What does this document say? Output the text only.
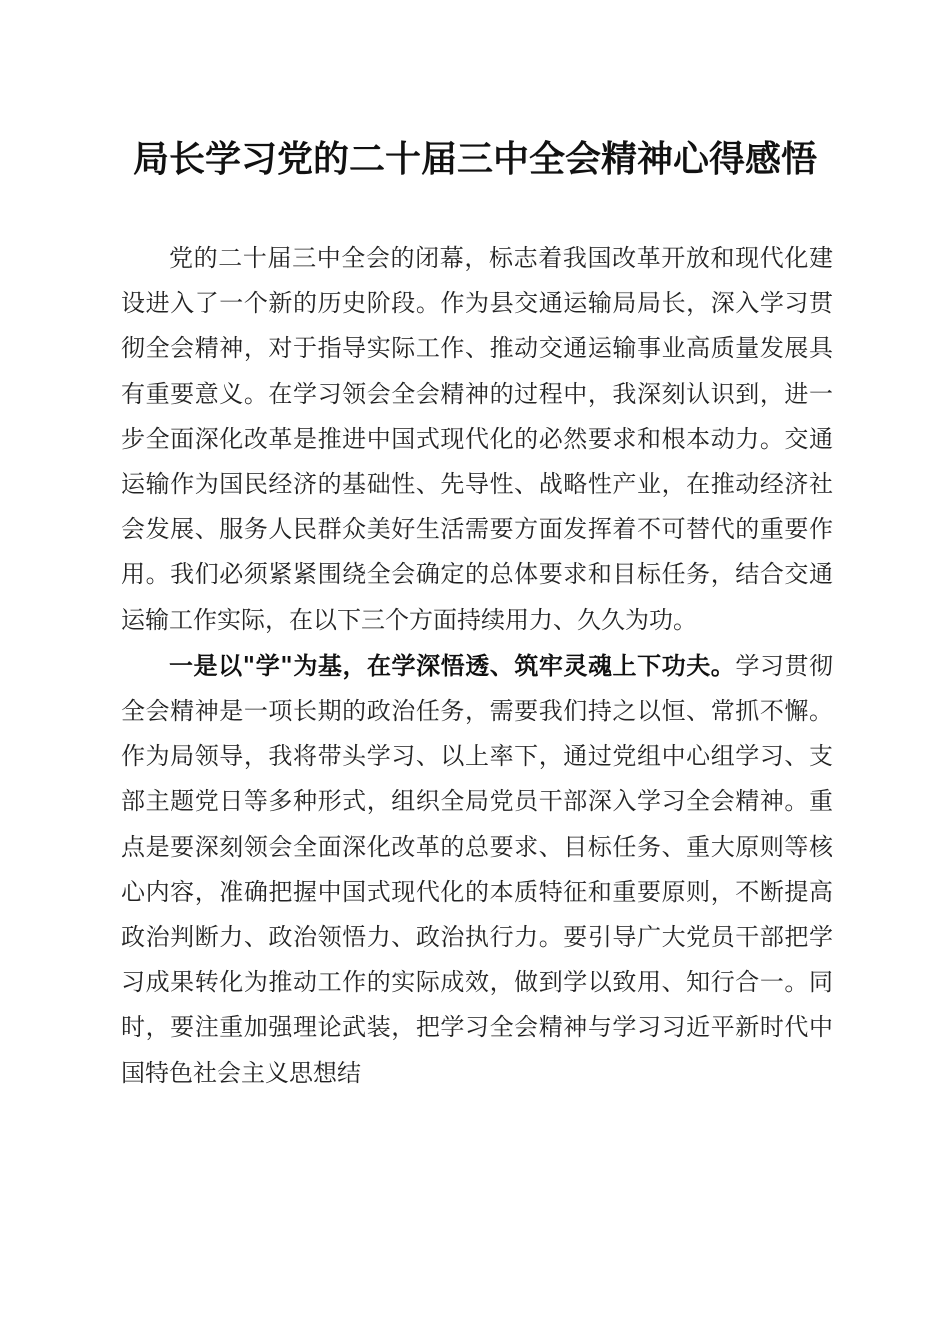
局长学习党的二十届三中全会精神心得感悟

党的二十届三中全会的闭幕，标志着我国改革开放和现代化建设进入了一个新的历史阶段。作为县交通运输局局长，深入学习贯彻全会精神，对于指导实际工作、推动交通运输事业高质量发展具有重要意义。在学习领会全会精神的过程中，我深刻认识到，进一步全面深化改革是推进中国式现代化的必然要求和根本动力。交通运输作为国民经济的基础性、先导性、战略性产业，在推动经济社会发展、服务人民群众美好生活需要方面发挥着不可替代的重要作用。我们必须紧紧围绕全会确定的总体要求和目标任务，结合交通运输工作实际，在以下三个方面持续用力、久久为功。

一是以"学"为基，在学深悟透、筑牢灵魂上下功夫。学习贯彻全会精神是一项长期的政治任务，需要我们持之以恒、常抓不懈。作为局领导，我将带头学习、以上率下，通过党组中心组学习、支部主题党日等多种形式，组织全局党员干部深入学习全会精神。重点是要深刻领会全面深化改革的总要求、目标任务、重大原则等核心内容，准确把握中国式现代化的本质特征和重要原则，不断提高政治判断力、政治领悟力、政治执行力。要引导广大党员干部把学习成果转化为推动工作的实际成效，做到学以致用、知行合一。同时，要注重加强理论武装，把学习全会精神与学习习近平新时代中国特色社会主义思想结
